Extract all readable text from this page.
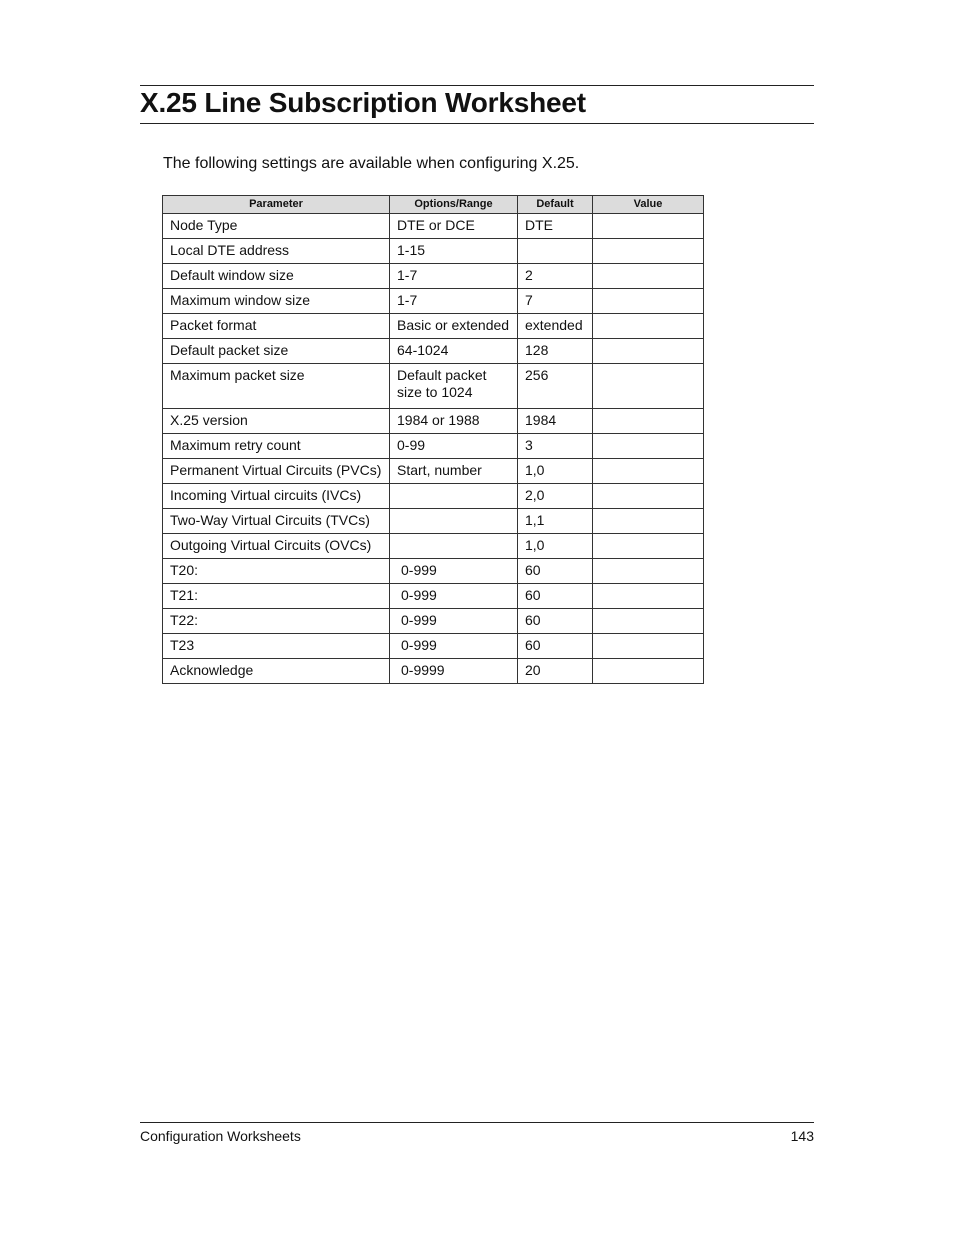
X.25 Line Subscription Worksheet

The following settings are available when configuring X.25.

Parameter	Options/Range	Default	Value
Node Type	DTE or DCE	DTE	
Local DTE address	1-15		
Default window size	1-7	2	
Maximum window size	1-7	7	
Packet format	Basic or extended	extended	
Default packet size	64-1024	128	
Maximum packet size	Default packet size to 1024	256	
X.25 version	1984 or 1988	1984	
Maximum retry count	0-99	3	
Permanent Virtual Circuits (PVCs)	Start, number	1,0	
Incoming Virtual circuits (IVCs)		2,0	
Two-Way Virtual Circuits (TVCs)		1,1	
Outgoing Virtual Circuits (OVCs)		1,0	
T20:	0-999	60	
T21:	0-999	60	
T22:	0-999	60	
T23	0-999	60	
Acknowledge	0-9999	20	
Configuration Worksheets	143
